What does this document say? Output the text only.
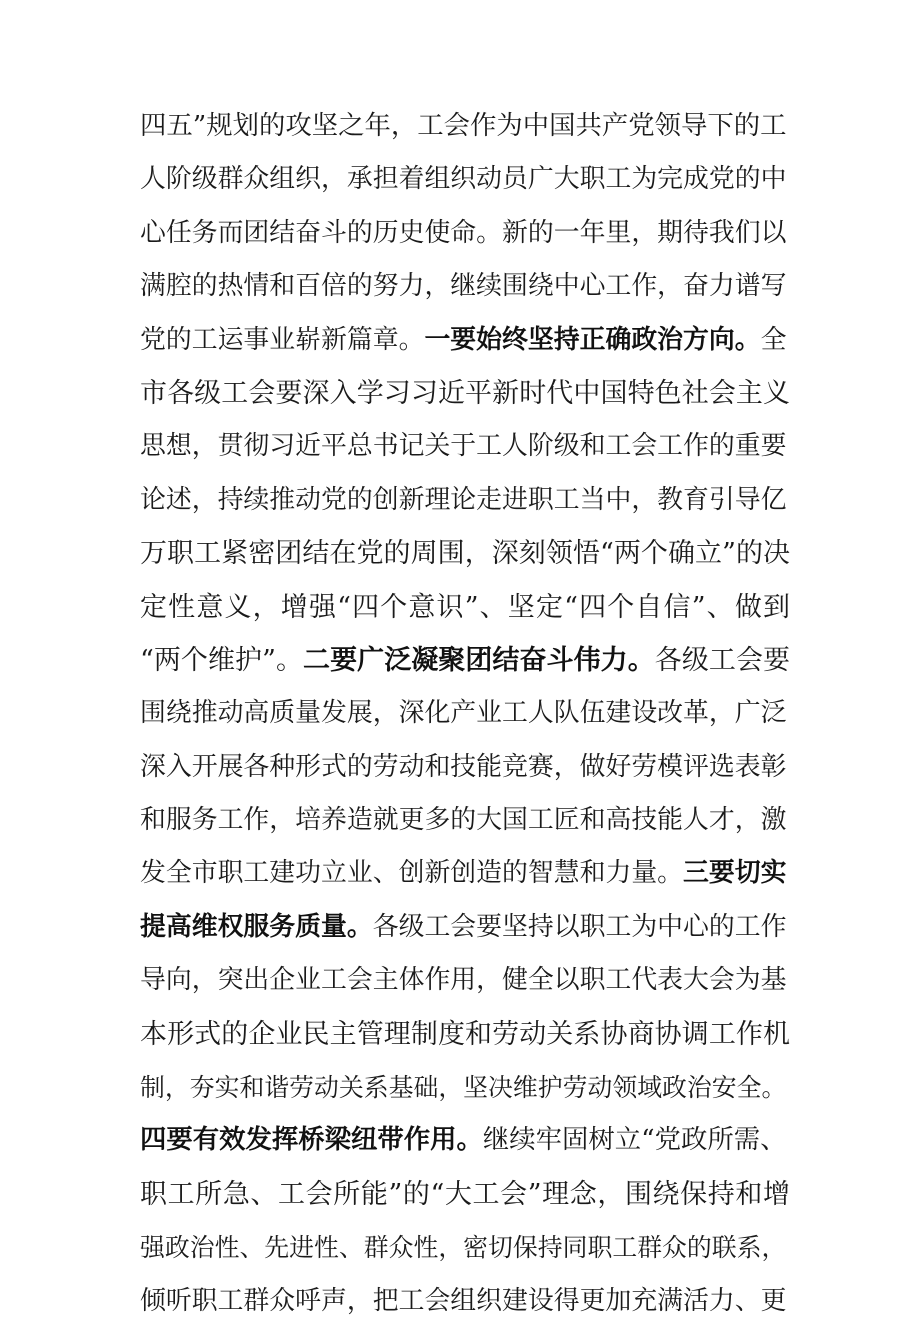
四五”规划的攻坚之年，工会作为中国共产党领导下的工
人阶级群众组织，承担着组织动员广大职工为完成党的中
心任务而团结奋斗的历史使命。新的一年里，期待我们以
满腔的热情和百倍的努力，继续围绕中心工作，奋力谱写
党的工运事业崭新篇章。一要始终坚持正确政治方向。全
市各级工会要深入学习习近平新时代中国特色社会主义
思想，贯彻习近平总书记关于工人阶级和工会工作的重要
论述，持续推动党的创新理论走进职工当中，教育引导亿
万职工紧密团结在党的周围，深刻领悟“两个确立”的决
定性意义，增强“四个意识”、坚定“四个自信”、做到
“两个维护”。二要广泛凝聚团结奋斗伟力。各级工会要
围绕推动高质量发展，深化产业工人队伍建设改革，广泛
深入开展各种形式的劳动和技能竞赛，做好劳模评选表彰
和服务工作，培养造就更多的大国工匠和高技能人才，激
发全市职工建功立业、创新创造的智慧和力量。三要切实
提高维权服务质量。各级工会要坚持以职工为中心的工作
导向，突出企业工会主体作用，健全以职工代表大会为基
本形式的企业民主管理制度和劳动关系协商协调工作机
制，夯实和谐劳动关系基础，坚决维护劳动领域政治安全。
四要有效发挥桥梁纽带作用。继续牢固树立“党政所需、
职工所急、工会所能”的“大工会”理念，围绕保持和增
强政治性、先进性、群众性，密切保持同职工群众的联系，
倾听职工群众呼声，把工会组织建设得更加充满活力、更
